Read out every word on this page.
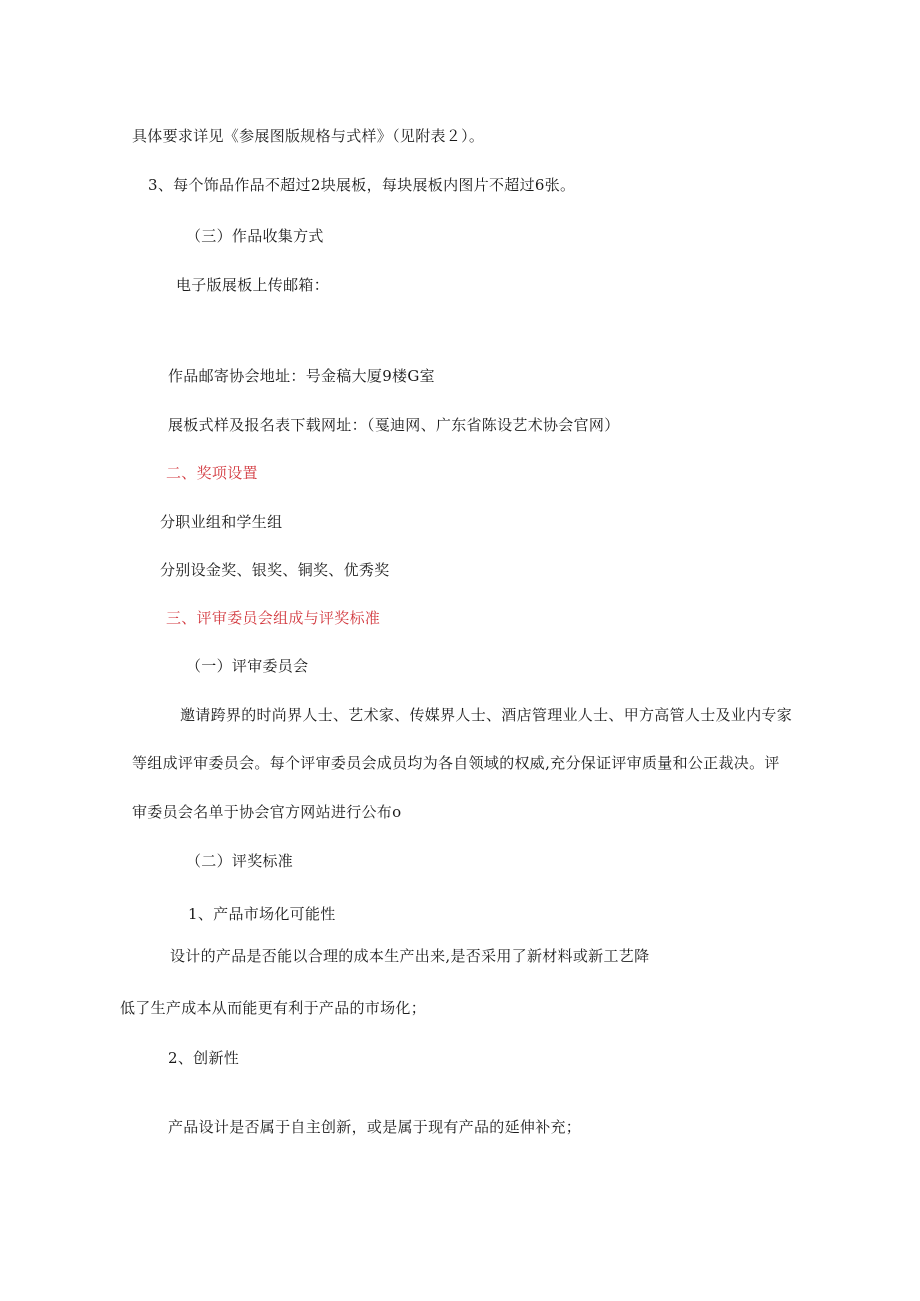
具体要求详见《参展图版规格与式样》（见附表２）。
3、每个饰品作品不超过2块展板，每块展板内图片不超过6张。
（三）作品收集方式
电子版展板上传邮箱：
作品邮寄协会地址：号金稿大厦9楼G室
展板式样及报名表下载网址：（戛迪网、广东省陈设艺术协会官网）
二、奖项设置
分职业组和学生组
分别设金奖、银奖、铜奖、优秀奖
三、评审委员会组成与评奖标准
（一）评审委员会
邀请跨界的时尚界人士、艺术家、传媒界人士、酒店管理业人士、甲方高管人士及业内专家
等组成评审委员会。每个评审委员会成员均为各自领域的权威,充分保证评审质量和公正裁决。评
审委员会名单于协会官方网站进行公布o
（二）评奖标准
1、产品市场化可能性
设计的产品是否能以合理的成本生产出来,是否采用了新材料或新工艺降
低了生产成本从而能更有利于产品的市场化；
2、创新性
产品设计是否属于自主创新，或是属于现有产品的延伸补充；
